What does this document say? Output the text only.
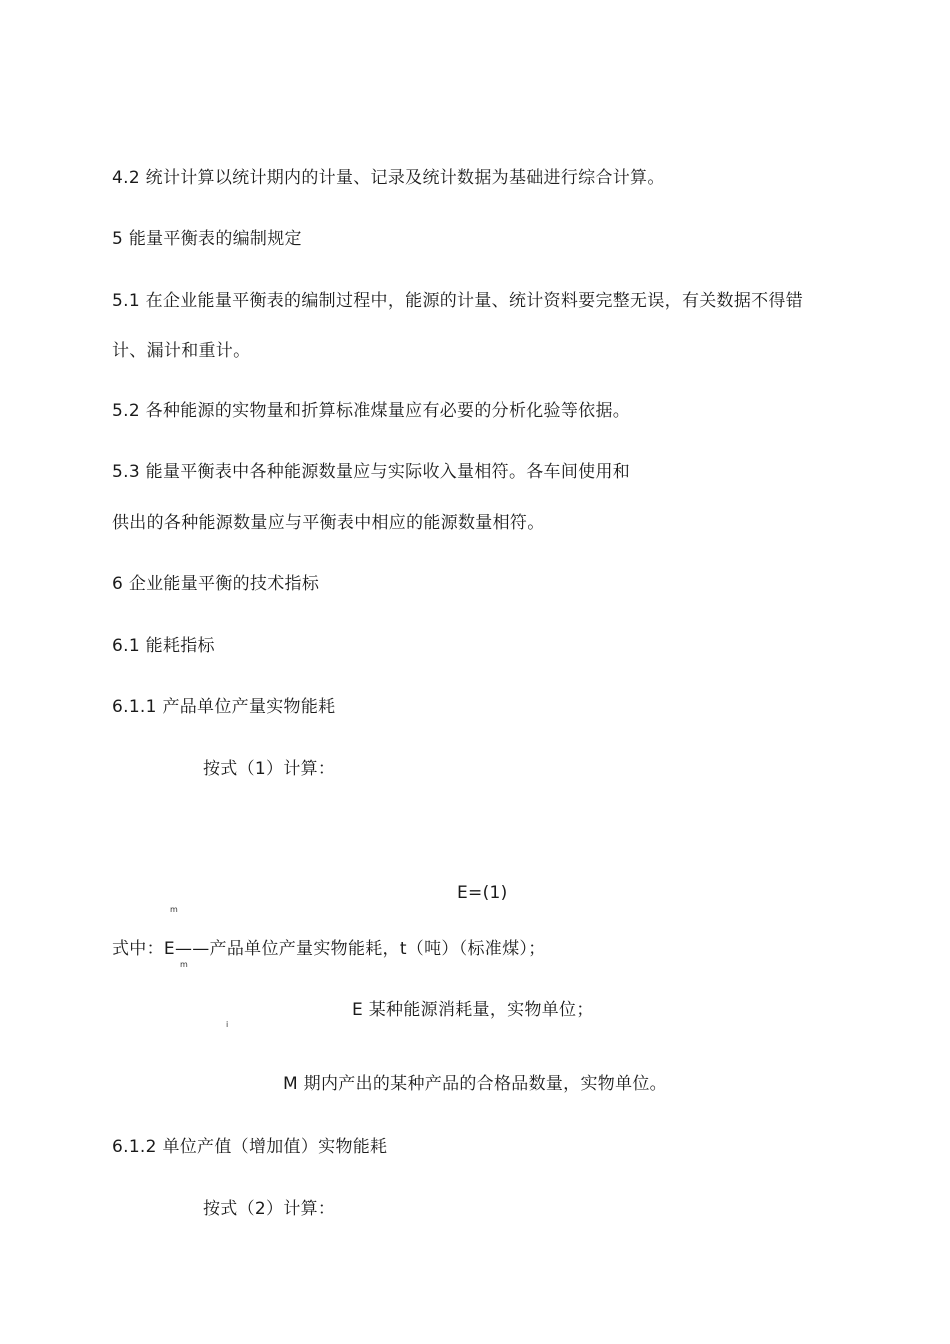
4.2 统计计算以统计期内的计量、记录及统计数据为基础进行综合计算。
5 能量平衡表的编制规定
5.1 在企业能量平衡表的编制过程中，能源的计量、统计资料要完整无误，有关数据不得错
计、漏计和重计。
5.2 各种能源的实物量和折算标准煤量应有必要的分析化验等依据。
5.3 能量平衡表中各种能源数量应与实际收入量相符。各车间使用和
供出的各种能源数量应与平衡表中相应的能源数量相符。
6 企业能量平衡的技术指标
6.1 能耗指标
6.1.1 产品单位产量实物能耗
按式（1）计算：
E=(1)
m
式中：E——产品单位产量实物能耗，t（吨）（标准煤）；
m
E 某种能源消耗量，实物单位；
i
M 期内产出的某种产品的合格品数量，实物单位。
6.1.2 单位产值（增加值）实物能耗
按式（2）计算：
